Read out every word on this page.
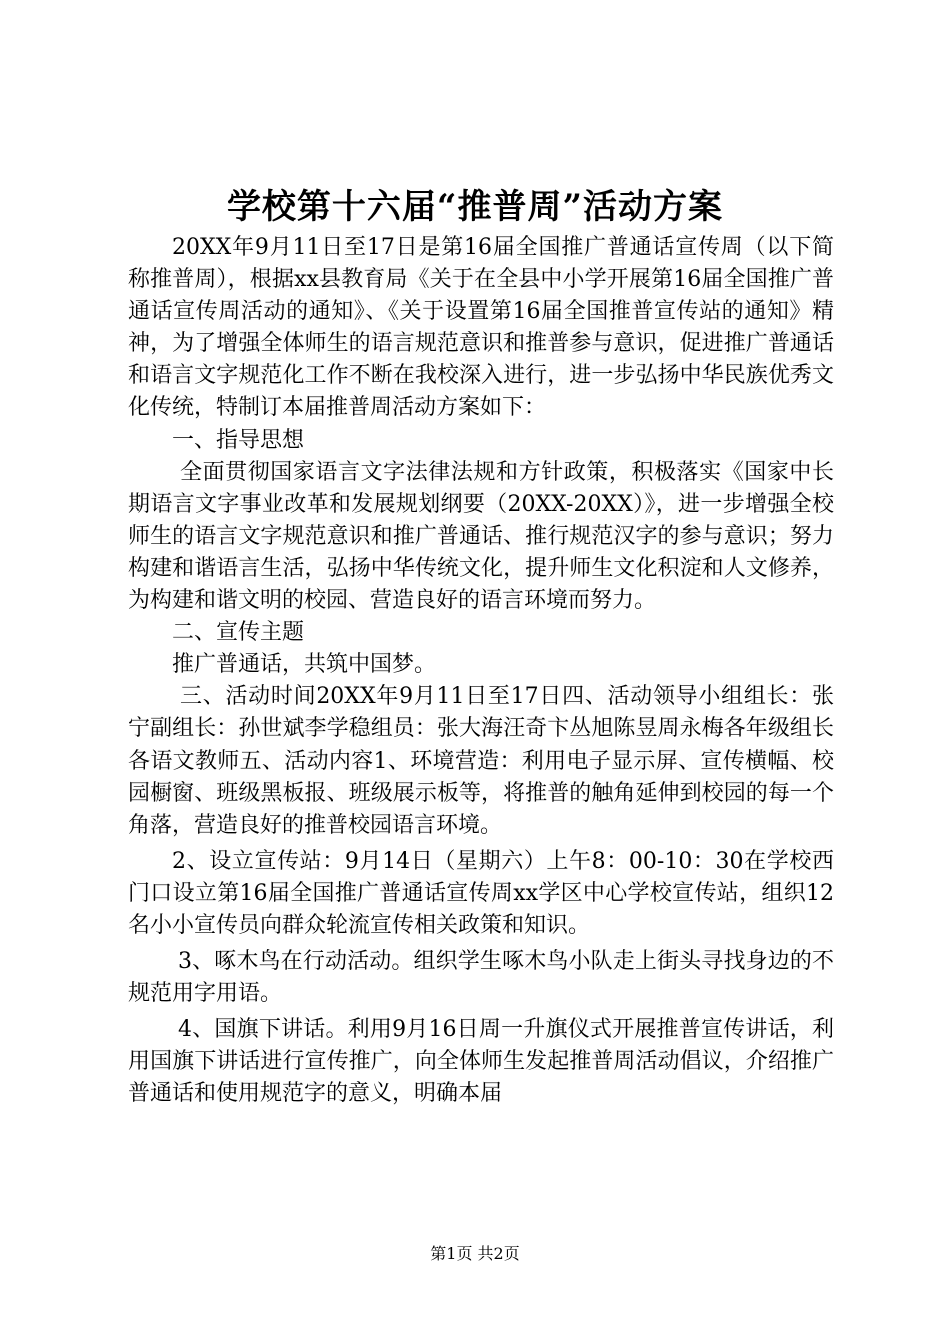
学校第十六届“推普周”活动方案

20XX年9月11日至17日是第16届全国推广普通话宣传周（以下简称推普周），根据xx县教育局《关于在全县中小学开展第16届全国推广普通话宣传周活动的通知》、《关于设置第16届全国推普宣传站的通知》精神，为了增强全体师生的语言规范意识和推普参与意识，促进推广普通话和语言文字规范化工作不断在我校深入进行，进一步弘扬中华民族优秀文化传统，特制订本届推普周活动方案如下：

一、指导思想

全面贯彻国家语言文字法律法规和方针政策，积极落实《国家中长期语言文字事业改革和发展规划纲要（20XX-20XX）》，进一步增强全校师生的语言文字规范意识和推广普通话、推行规范汉字的参与意识；努力构建和谐语言生活，弘扬中华传统文化，提升师生文化积淀和人文修养，为构建和谐文明的校园、营造良好的语言环境而努力。

二、宣传主题

推广普通话，共筑中国梦。

三、活动时间20XX年9月11日至17日四、活动领导小组组长：张宁副组长：孙世斌李学稳组员：张大海汪奇卞丛旭陈昱周永梅各年级组长各语文教师五、活动内容1、环境营造：利用电子显示屏、宣传横幅、校园橱窗、班级黑板报、班级展示板等，将推普的触角延伸到校园的每一个角落，营造良好的推普校园语言环境。

2、设立宣传站：9月14日（星期六）上午8：00-10：30在学校西门口设立第16届全国推广普通话宣传周xx学区中心学校宣传站，组织12名小小宣传员向群众轮流宣传相关政策和知识。

3、啄木鸟在行动活动。组织学生啄木鸟小队走上街头寻找身边的不规范用字用语。

4、国旗下讲话。利用9月16日周一升旗仪式开展推普宣传讲话，利用国旗下讲话进行宣传推广，向全体师生发起推普周活动倡议，介绍推广普通话和使用规范字的意义，明确本届

第1页 共2页
